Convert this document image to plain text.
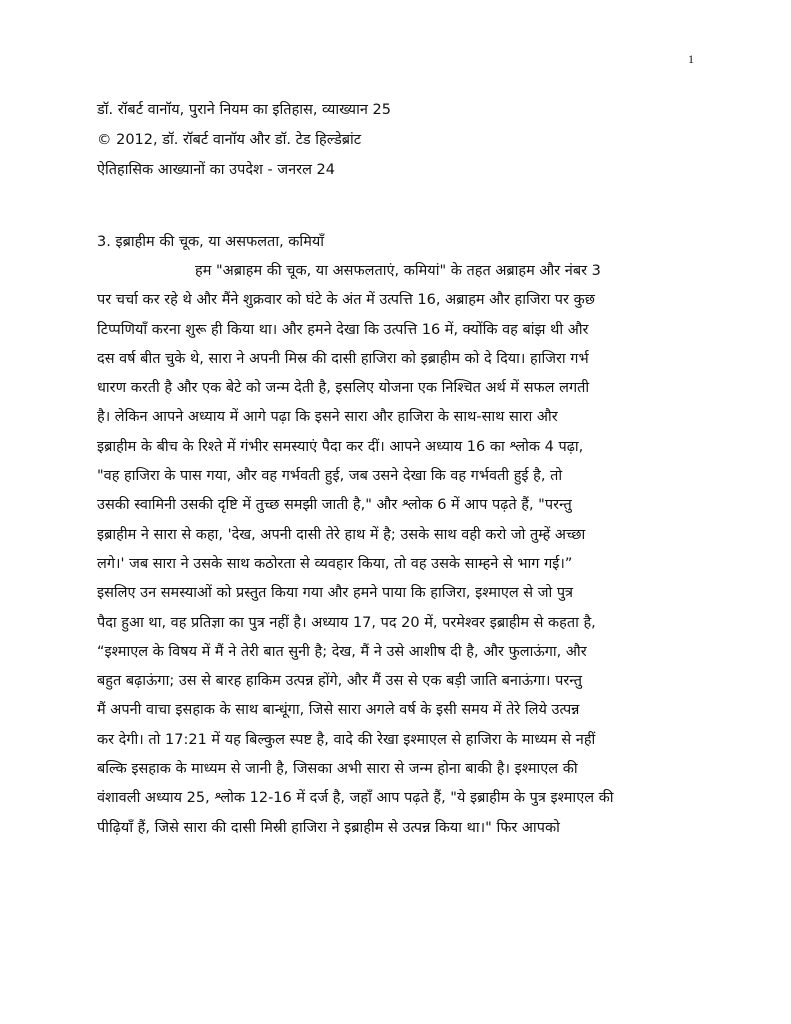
1
डॉ. रॉबर्ट वानॉय, पुराने नियम का इतिहास, व्याख्यान 25
© 2012, डॉ. रॉबर्ट वानॉय और डॉ. टेड हिल्डेब्रांट
ऐतिहासिक आख्यानों का उपदेश - जनरल 24
3. इब्राहीम की चूक, या असफलता, कमियाँ
हम "अब्राहम की चूक, या असफलताएं, कमियां" के तहत अब्राहम और नंबर 3
पर चर्चा कर रहे थे और मैंने शुक्रवार को घंटे के अंत में उत्पत्ति 16, अब्राहम और हाजिरा पर कुछ
टिप्पणियाँ करना शुरू ही किया था। और हमने देखा कि उत्पत्ति 16 में, क्योंकि वह बांझ थी और
दस वर्ष बीत चुके थे, सारा ने अपनी मिस्र की दासी हाजिरा को इब्राहीम को दे दिया। हाजिरा गर्भ
धारण करती है और एक बेटे को जन्म देती है, इसलिए योजना एक निश्चित अर्थ में सफल लगती
है। लेकिन आपने अध्याय में आगे पढ़ा कि इसने सारा और हाजिरा के साथ-साथ सारा और
इब्राहीम के बीच के रिश्ते में गंभीर समस्याएं पैदा कर दीं। आपने अध्याय 16 का श्लोक 4 पढ़ा,
"वह हाजिरा के पास गया, और वह गर्भवती हुई, जब उसने देखा कि वह गर्भवती हुई है, तो
उसकी स्वामिनी उसकी दृष्टि में तुच्छ समझी जाती है," और श्लोक 6 में आप पढ़ते हैं, "परन्तु
इब्राहीम ने सारा से कहा, 'देख, अपनी दासी तेरे हाथ में है; उसके साथ वही करो जो तुम्हें अच्छा
लगे।' जब सारा ने उसके साथ कठोरता से व्यवहार किया, तो वह उसके साम्हने से भाग गई।”
इसलिए उन समस्याओं को प्रस्तुत किया गया और हमने पाया कि हाजिरा, इश्माएल से जो पुत्र
पैदा हुआ था, वह प्रतिज्ञा का पुत्र नहीं है। अध्याय 17, पद 20 में, परमेश्वर इब्राहीम से कहता है,
“इश्माएल के विषय में मैं ने तेरी बात सुनी है; देख, मैं ने उसे आशीष दी है, और फुलाऊंगा, और
बहुत बढ़ाऊंगा; उस से बारह हाकिम उत्पन्न होंगे, और मैं उस से एक बड़ी जाति बनाऊंगा। परन्तु
मैं अपनी वाचा इसहाक के साथ बान्धूंगा, जिसे सारा अगले वर्ष के इसी समय में तेरे लिये उत्पन्न
कर देगी। तो 17:21 में यह बिल्कुल स्पष्ट है, वादे की रेखा इश्माएल से हाजिरा के माध्यम से नहीं
बल्कि इसहाक के माध्यम से जानी है, जिसका अभी सारा से जन्म होना बाकी है। इश्माएल की
वंशावली अध्याय 25, श्लोक 12-16 में दर्ज है, जहाँ आप पढ़ते हैं, "ये इब्राहीम के पुत्र इश्माएल की
पीढ़ियाँ हैं, जिसे सारा की दासी मिस्री हाजिरा ने इब्राहीम से उत्पन्न किया था।" फिर आपको
